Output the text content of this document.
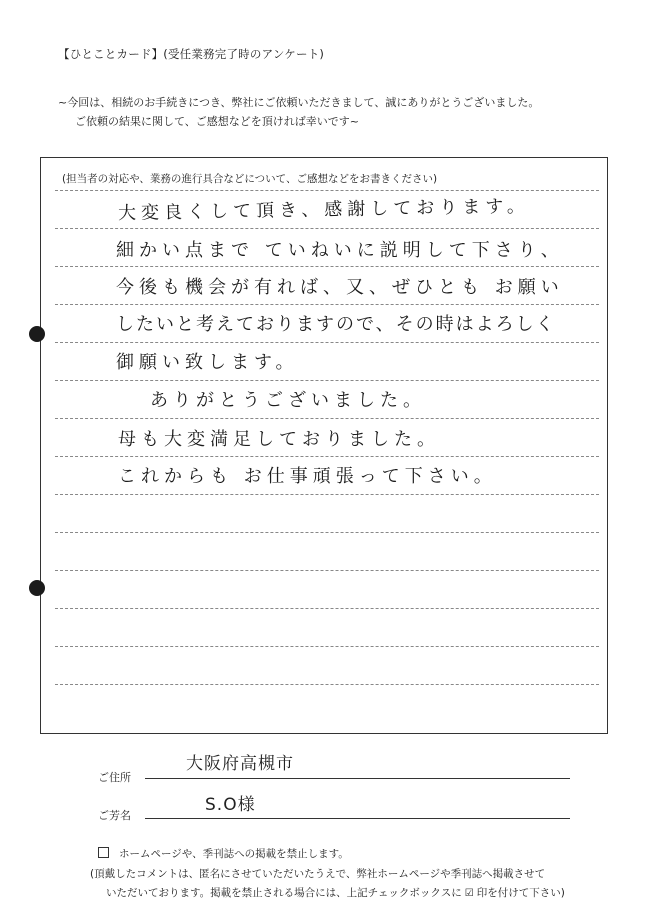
【ひとことカード】(受任業務完了時のアンケート)
~今回は、相続のお手続きにつき、弊社にご依頼いただきまして、誠にありがとうございました。
ご依頼の結果に関して、ご感想などを頂ければ幸いです~
(担当者の対応や、業務の進行具合などについて、ご感想などをお書きください)
大変良くして頂き、感謝しております。
細かい点まで ていねいに説明して下さり、
今後も機会が有れば、又、ぜひとも お願い
したいと考えておりますので、その時はよろしく
御願い致します。
ありがとうございました。
母も大変満足しておりました。
これからも お仕事頑張って下さい。
ご住所
大阪府高槻市
ご芳名
S.O様
ホームページや、季刊誌への掲載を禁止します。
(頂戴したコメントは、匿名にさせていただいたうえで、弊社ホームページや季刊誌へ掲載させて
いただいております。掲載を禁止される場合には、上記チェックボックスに ☑ 印を付けて下さい)
